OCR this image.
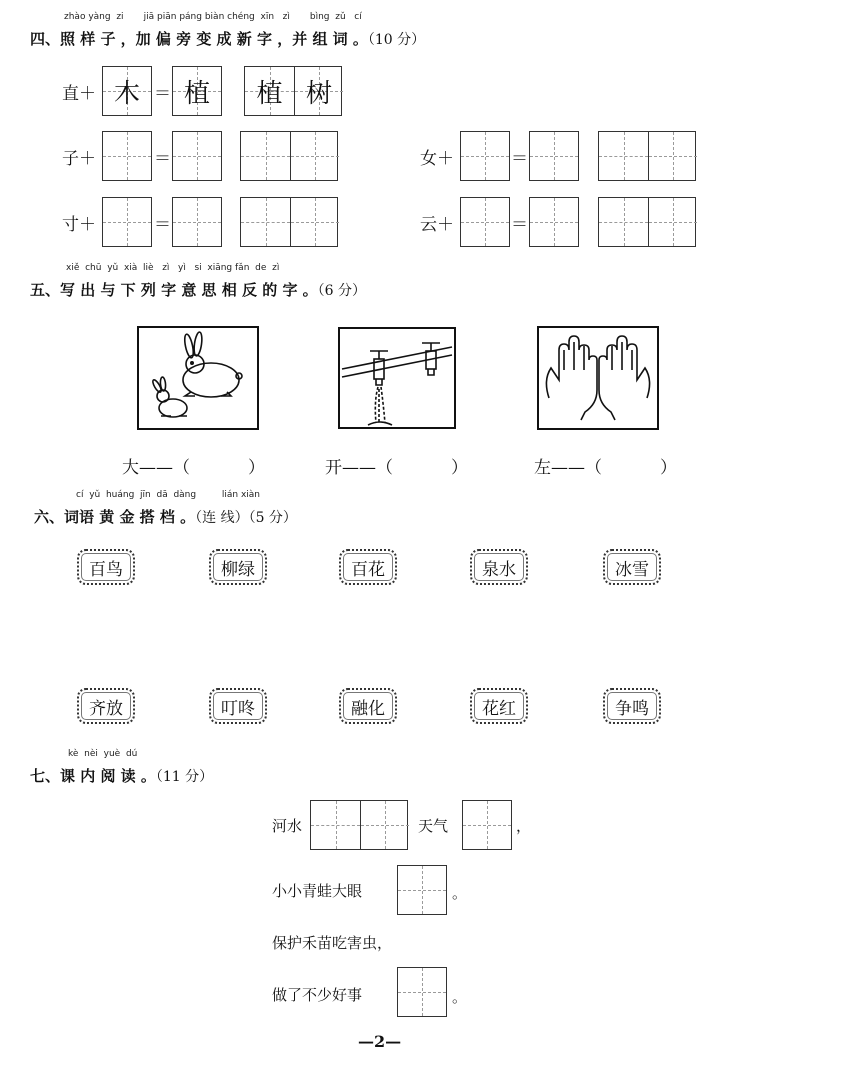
zhào yàng zi jiā piān páng biàn chéng xīn zì bìng zǔ cí
四、照 样 子 ，加 偏 旁 变 成 新 字 ，并 组 词 。（10 分）
直＋ 木 ＝ 植	植 树
子＋	＝	女＋	＝
寸＋	＝	云＋	＝
xiě chū yǔ xià liè zì yì si xiāng fǎn de zì
五、写 出 与 下 列 字 意 思 相 反 的 字 。（6 分）
大——（	）	开——（	）	左——（	）
cí yǔ huáng jīn dā dàng	lián xiàn
六、词语 黄 金 搭 档 。（连 线）（5 分）
百鸟	柳绿	百花	泉水	冰雪
齐放	叮咚	融化	花红	争鸣
kè nèi yuè dú
七、课 内 阅 读 。（11 分）
河水	天气	，
小小青蛙大眼	。
保护禾苗吃害虫，
做了不少好事	。
—2—
